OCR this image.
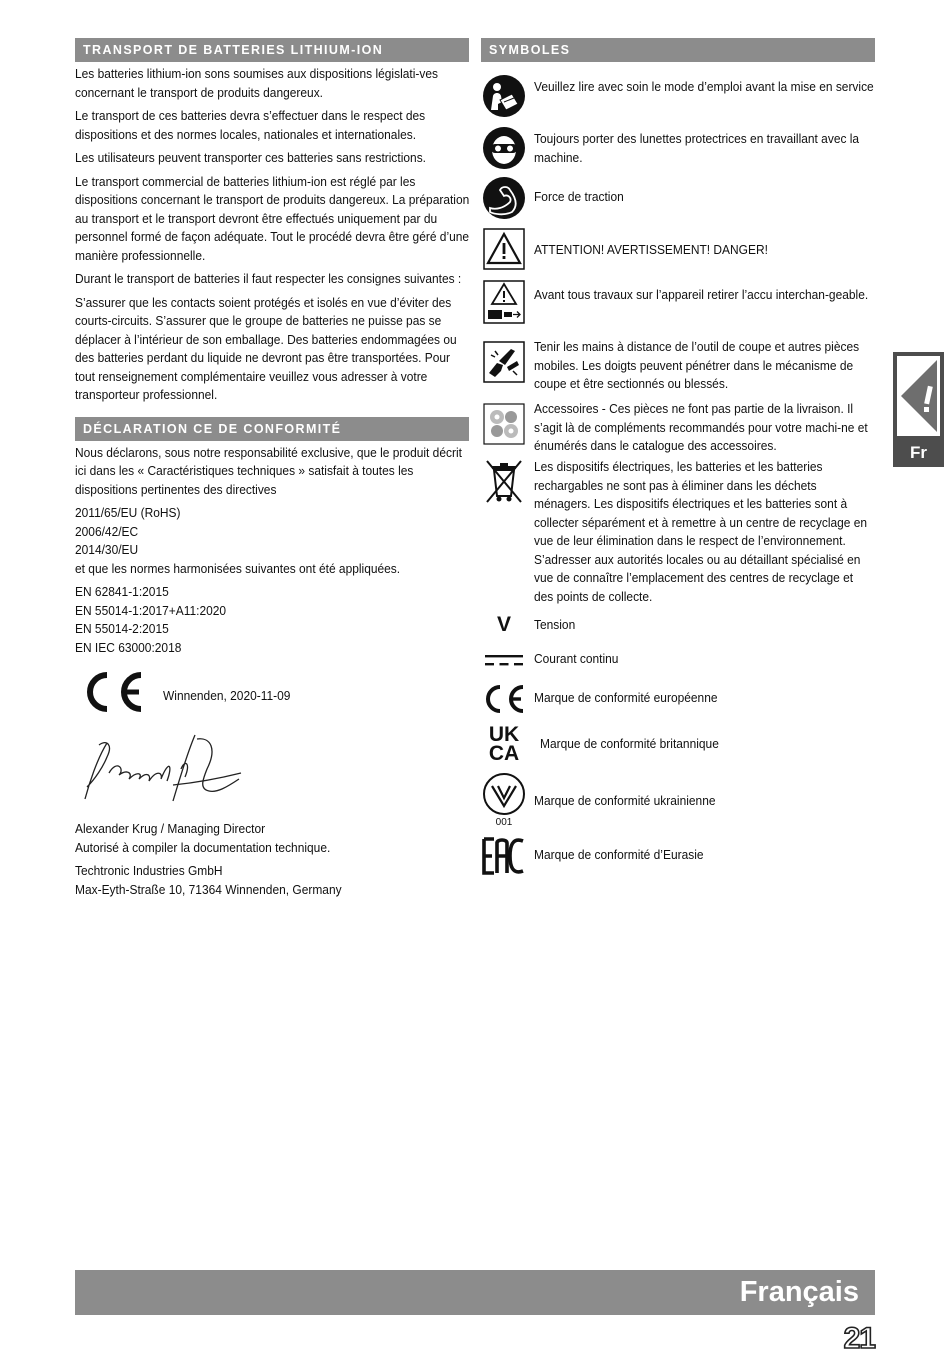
TRANSPORT DE BATTERIES LITHIUM-ION

Les batteries lithium-ion sons soumises aux dispositions législati-ves concernant le transport de produits dangereux.

Le transport de ces batteries devra s’effectuer dans le respect des dispositions et des normes locales, nationales et internationales.

Les utilisateurs peuvent transporter ces batteries sans restrictions.

Le transport commercial de batteries lithium-ion est réglé par les dispositions concernant le transport de produits dangereux. La préparation au transport et le transport devront être effectués uniquement par du personnel formé de façon adéquate. Tout le procédé devra être géré d’une manière professionnelle.

Durant le transport de batteries il faut respecter les consignes suivantes :

S’assurer que les contacts soient protégés et isolés en vue d’éviter des courts-circuits. S’assurer que le groupe de batteries ne puisse pas se déplacer à l’intérieur de son emballage. Des batteries endommagées ou des batteries perdant du liquide ne devront pas être transportées. Pour tout renseignement complémentaire veuillez vous adresser à votre transporteur professionnel.

DÉCLARATION CE DE CONFORMITÉ

Nous déclarons, sous notre responsabilité exclusive, que le produit décrit ici dans les « Caractéristiques techniques » satisfait à toutes les dispositions pertinentes des directives

2011/65/EU (RoHS)

2006/42/EC

2014/30/EU

et que les normes harmonisées suivantes ont été appliquées.

EN 62841-1:2015

EN 55014-1:2017+A11:2020

EN 55014-2:2015

EN IEC 63000:2018

Winnenden, 2020-11-09

Alexander Krug / Managing Director

Autorisé à compiler la documentation technique.

Techtronic Industries GmbH

Max-Eyth-Straße 10, 71364 Winnenden, Germany

SYMBOLES
Veuillez lire avec soin le mode d’emploi avant la mise en service
Toujours porter des lunettes protectrices en travaillant avec la machine.
Force de traction
ATTENTION! AVERTISSEMENT! DANGER!
Avant tous travaux sur l’appareil retirer l’accu interchan-geable.
Tenir les mains à distance de l’outil de coupe et autres pièces mobiles. Les doigts peuvent pénétrer dans le mécanisme de coupe et être sectionnés ou blessés.
Accessoires - Ces pièces ne font pas partie de la livraison. Il s’agit là de compléments recommandés pour votre machi-ne et énumérés dans le catalogue des accessoires.
Les dispositifs électriques, les batteries et les batteries rechargables ne sont pas à éliminer dans les déchets ménagers. Les dispositifs électriques et les batteries sont à collecter séparément et à remettre à un centre de recyclage en vue de leur élimination dans le respect de l’environnement. S’adresser aux autorités locales ou au détaillant spécialisé en vue de connaître l’emplacement des centres de recyclage et des points de collecte.
V Tension
Courant continu
Marque de conformité européenne
UK
CA Marque de conformité britannique
001
Marque de conformité ukrainienne
Marque de conformité d’Eurasie
Fr
Français
21
